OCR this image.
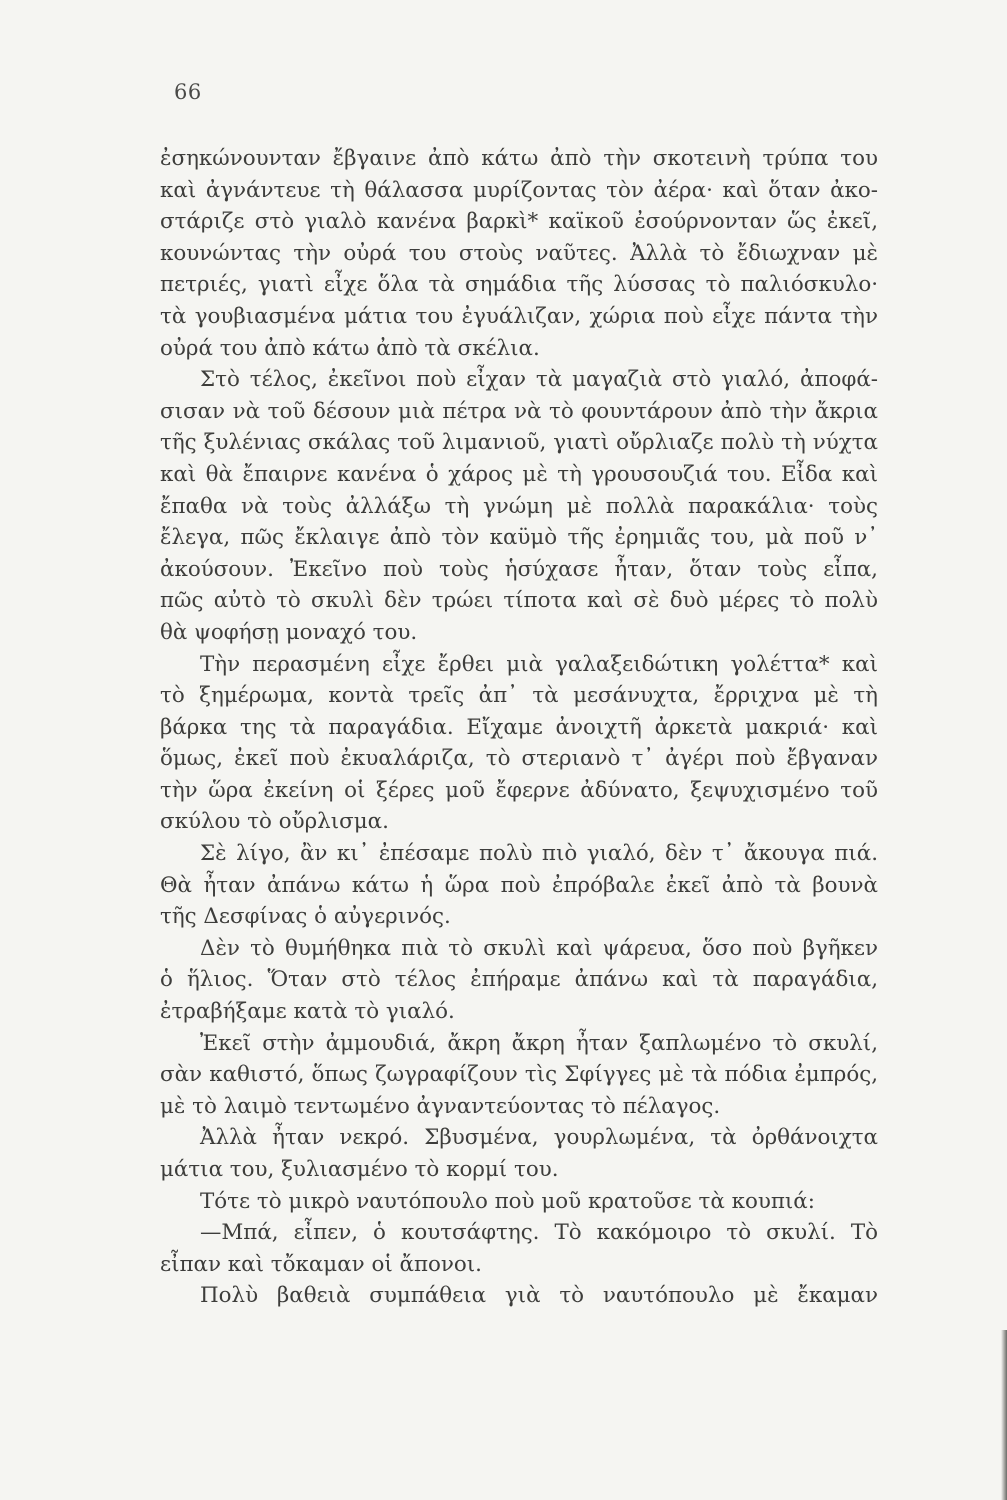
66
ἐσηκώνουνταν ἔβγαινε ἀπὸ κάτω ἀπὸ τὴν σκοτεινὴ τρύπα του
καὶ ἀγνάντευε τὴ θάλασσα μυρίζοντας τὸν ἀέρα· καὶ ὅταν ἀκο-
στάριζε στὸ γιαλὸ κανένα βαρκὶ* καϊκοῦ ἐσούρνονταν ὥς ἐκεῖ,
κουνώντας τὴν οὐρά του στοὺς ναῦτες. Ἀλλὰ τὸ ἔδιωχναν μὲ
πετριές, γιατὶ εἶχε ὅλα τὰ σημάδια τῆς λύσσας τὸ παλιόσκυλο·
τὰ γουβιασμένα μάτια του ἐγυάλιζαν, χώρια ποὺ εἶχε πάντα τὴν
οὐρά του ἀπὸ κάτω ἀπὸ τὰ σκέλια.
Στὸ τέλος, ἐκεῖνοι ποὺ εἶχαν τὰ μαγαζιὰ στὸ γιαλό, ἀποφά-
σισαν νὰ τοῦ δέσουν μιὰ πέτρα νὰ τὸ φουντάρουν ἀπὸ τὴν ἄκρια
τῆς ξυλένιας σκάλας τοῦ λιμανιοῦ, γιατὶ οὔρλιαζε πολὺ τὴ νύχτα
καὶ θὰ ἔπαιρνε κανένα ὁ χάρος μὲ τὴ γρουσουζιά του. Εἶδα καὶ
ἔπαθα νὰ τοὺς ἀλλάξω τὴ γνώμη μὲ πολλὰ παρακάλια· τοὺς
ἔλεγα, πῶς ἔκλαιγε ἀπὸ τὸν καϋμὸ τῆς ἐρημιᾶς του, μὰ ποῦ ν᾿
ἀκούσουν. Ἐκεῖνο ποὺ τοὺς ἡσύχασε ἦταν, ὅταν τοὺς εἶπα,
πῶς αὐτὸ τὸ σκυλὶ δὲν τρώει τίποτα καὶ σὲ δυὸ μέρες τὸ πολὺ
θὰ ψοφήσῃ μοναχό του.
Τὴν περασμένη εἶχε ἔρθει μιὰ γαλαξειδώτικη γολέττα* καὶ
τὸ ξημέρωμα, κοντὰ τρεῖς ἀπ᾿ τὰ μεσάνυχτα, ἔρριχνα μὲ τὴ
βάρκα της τὰ παραγάδια. Εἴχαμε ἀνοιχτῆ ἀρκετὰ μακριά· καὶ
ὅμως, ἐκεῖ ποὺ ἐκυαλάριζα, τὸ στεριανὸ τ᾿ ἀγέρι ποὺ ἔβγαναν
τὴν ὥρα ἐκείνη οἱ ξέρες μοῦ ἔφερνε ἀδύνατο, ξεψυχισμένο τοῦ
σκύλου τὸ οὔρλισμα.
Σὲ λίγο, ἂν κι᾿ ἐπέσαμε πολὺ πιὸ γιαλό, δὲν τ᾿ ἄκουγα πιά.
Θὰ ἦταν ἀπάνω κάτω ἡ ὥρα ποὺ ἐπρόβαλε ἐκεῖ ἀπὸ τὰ βουνὰ
τῆς Δεσφίνας ὁ αὐγερινός.
Δὲν τὸ θυμήθηκα πιὰ τὸ σκυλὶ καὶ ψάρευα, ὅσο ποὺ βγῆκεν
ὁ ἥλιος. Ὅταν στὸ τέλος ἐπήραμε ἀπάνω καὶ τὰ παραγάδια,
ἐτραβήξαμε κατὰ τὸ γιαλό.
Ἐκεῖ στὴν ἀμμουδιά, ἄκρη ἄκρη ἦταν ξαπλωμένο τὸ σκυλί,
σὰν καθιστό, ὅπως ζωγραφίζουν τὶς Σφίγγες μὲ τὰ πόδια ἐμπρός,
μὲ τὸ λαιμὸ τεντωμένο ἀγναντεύοντας τὸ πέλαγος.
Ἀλλὰ ἦταν νεκρό. Σβυσμένα, γουρλωμένα, τὰ ὀρθάνοιχτα
μάτια του, ξυλιασμένο τὸ κορμί του.
Τότε τὸ μικρὸ ναυτόπουλο ποὺ μοῦ κρατοῦσε τὰ κουπιά:
—Μπά, εἶπεν, ὁ κουτσάφτης. Τὸ κακόμοιρο τὸ σκυλί. Τὸ
εἶπαν καὶ τὄκαμαν οἱ ἄπονοι.
Πολὺ βαθειὰ συμπάθεια γιὰ τὸ ναυτόπουλο μὲ ἔκαμαν
